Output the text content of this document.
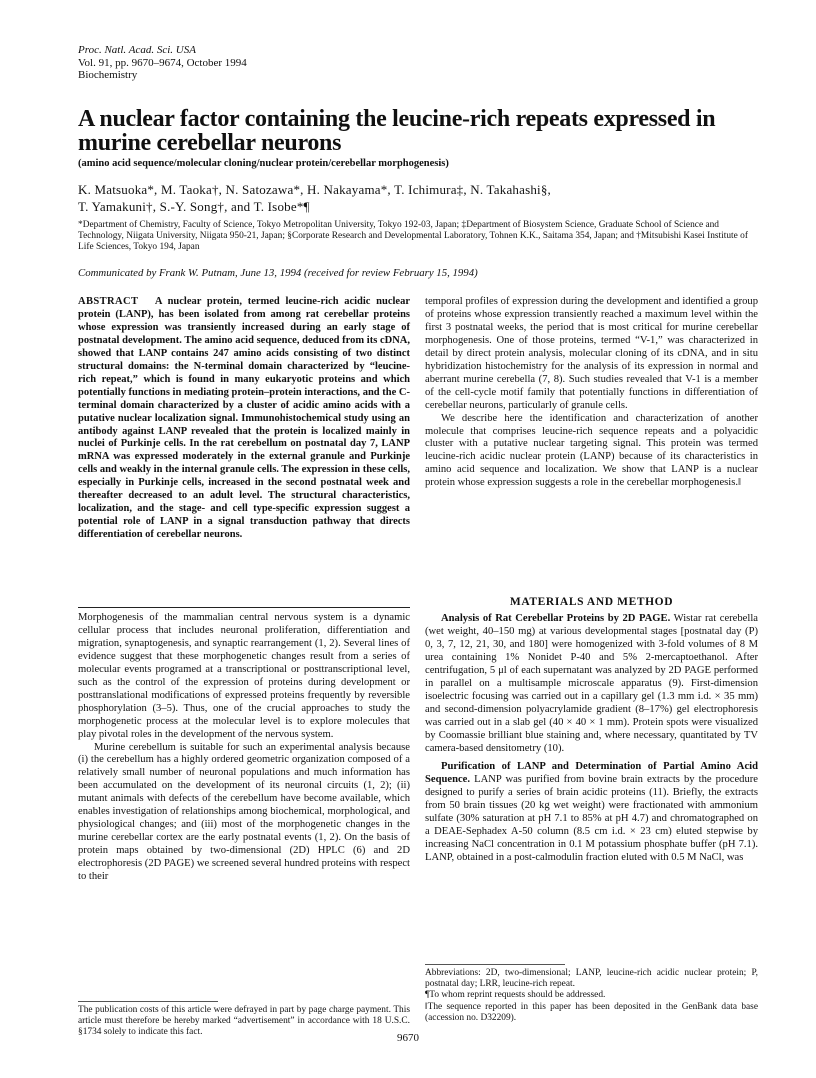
Proc. Natl. Acad. Sci. USA
Vol. 91, pp. 9670–9674, October 1994
Biochemistry
A nuclear factor containing the leucine-rich repeats expressed in murine cerebellar neurons
(amino acid sequence/molecular cloning/nuclear protein/cerebellar morphogenesis)
K. Matsuoka*, M. Taoka†, N. Satozawa*, H. Nakayama*, T. Ichimura‡, N. Takahashi§,
T. Yamakuni†, S.-Y. Song†, and T. Isobe*¶
*Department of Chemistry, Faculty of Science, Tokyo Metropolitan University, Tokyo 192-03, Japan; ‡Department of Biosystem Science, Graduate School of Science and Technology, Niigata University, Niigata 950-21, Japan; §Corporate Research and Developmental Laboratory, Tohnen K.K., Saitama 354, Japan; and †Mitsubishi Kasei Institute of Life Sciences, Tokyo 194, Japan
Communicated by Frank W. Putnam, June 13, 1994 (received for review February 15, 1994)
ABSTRACT A nuclear protein, termed leucine-rich acidic nuclear protein (LANP), has been isolated from among rat cerebellar proteins whose expression was transiently increased during an early stage of postnatal development. The amino acid sequence, deduced from its cDNA, showed that LANP contains 247 amino acids consisting of two distinct structural domains: the N-terminal domain characterized by “leucine-rich repeat,” which is found in many eukaryotic proteins and which potentially functions in mediating protein–protein interactions, and the C-terminal domain characterized by a cluster of acidic amino acids with a putative nuclear localization signal. Immunohistochemical study using an antibody against LANP revealed that the protein is localized mainly in nuclei of Purkinje cells. In the rat cerebellum on postnatal day 7, LANP mRNA was expressed moderately in the external granule and Purkinje cells and weakly in the internal granule cells. The expression in these cells, especially in Purkinje cells, increased in the second postnatal week and thereafter decreased to an adult level. The structural characteristics, localization, and the stage- and cell type-specific expression suggest a potential role of LANP in a signal transduction pathway that directs differentiation of cerebellar neurons.

Morphogenesis of the mammalian central nervous system is a dynamic cellular process that includes neuronal proliferation, differentiation and migration, synaptogenesis, and synaptic rearrangement (1, 2). Several lines of evidence suggest that these morphogenetic changes result from a series of molecular events programed at a transcriptional or posttranscriptional level, such as the control of the expression of proteins during development or posttranslational modifications of expressed proteins frequently by reversible phosphorylation (3–5). Thus, one of the crucial approaches to study the morphogenetic process at the molecular level is to explore molecules that play pivotal roles in the development of the nervous system.

Murine cerebellum is suitable for such an experimental analysis because (i) the cerebellum has a highly ordered geometric organization composed of a relatively small number of neuronal populations and much information has been accumulated on the development of its neuronal circuits (1, 2); (ii) mutant animals with defects of the cerebellum have become available, which enables investigation of relationships among biochemical, morphological, and physiological changes; and (iii) most of the morphogenetic changes in the murine cerebellar cortex are the early postnatal events (1, 2). On the basis of protein maps obtained by two-dimensional (2D) HPLC (6) and 2D electrophoresis (2D PAGE) we screened several hundred proteins with respect to their

The publication costs of this article were defrayed in part by page charge payment. This article must therefore be hereby marked “advertisement” in accordance with 18 U.S.C. §1734 solely to indicate this fact.

temporal profiles of expression during the development and identified a group of proteins whose expression transiently reached a maximum level within the first 3 postnatal weeks, the period that is most critical for murine cerebellar morphogenesis. One of those proteins, termed “V-1,” was characterized in detail by direct protein analysis, molecular cloning of its cDNA, and in situ hybridization histochemistry for the analysis of its expression in normal and aberrant murine cerebella (7, 8). Such studies revealed that V-1 is a member of the cell-cycle motif family that potentially functions in differentiation of cerebellar neurons, particularly of granule cells.

We describe here the identification and characterization of another molecule that comprises leucine-rich sequence repeats and a polyacidic cluster with a putative nuclear targeting signal. This protein was termed leucine-rich acidic nuclear protein (LANP) because of its characteristics in amino acid sequence and localization. We show that LANP is a nuclear protein whose expression suggests a role in the cerebellar morphogenesis.‖

MATERIALS AND METHOD

Analysis of Rat Cerebellar Proteins by 2D PAGE. Wistar rat cerebella (wet weight, 40–150 mg) at various developmental stages [postnatal day (P) 0, 3, 7, 12, 21, 30, and 180] were homogenized with 3-fold volumes of 8 M urea containing 1% Nonidet P-40 and 5% 2-mercaptoethanol. After centrifugation, 5 μl of each supernatant was analyzed by 2D PAGE performed in parallel on a multisample microscale apparatus (9). First-dimension isoelectric focusing was carried out in a capillary gel (1.3 mm i.d. × 35 mm) and second-dimension polyacrylamide gradient (8–17%) gel electrophoresis was carried out in a slab gel (40 × 40 × 1 mm). Protein spots were visualized by Coomassie brilliant blue staining and, where necessary, quantitated by TV camera-based densitometry (10).

Purification of LANP and Determination of Partial Amino Acid Sequence. LANP was purified from bovine brain extracts by the procedure designed to purify a series of brain acidic proteins (11). Briefly, the extracts from 50 brain tissues (20 kg wet weight) were fractionated with ammonium sulfate (30% saturation at pH 7.1 to 85% at pH 4.7) and chromatographed on a DEAE-Sephadex A-50 column (8.5 cm i.d. × 23 cm) eluted stepwise by increasing NaCl concentration in 0.1 M potassium phosphate buffer (pH 7.1). LANP, obtained in a post-calmodulin fraction eluted with 0.5 M NaCl, was

Abbreviations: 2D, two-dimensional; LANP, leucine-rich acidic nuclear protein; P, postnatal day; LRR, leucine-rich repeat.

¶To whom reprint requests should be addressed.

‖The sequence reported in this paper has been deposited in the GenBank data base (accession no. D32209).

9670
